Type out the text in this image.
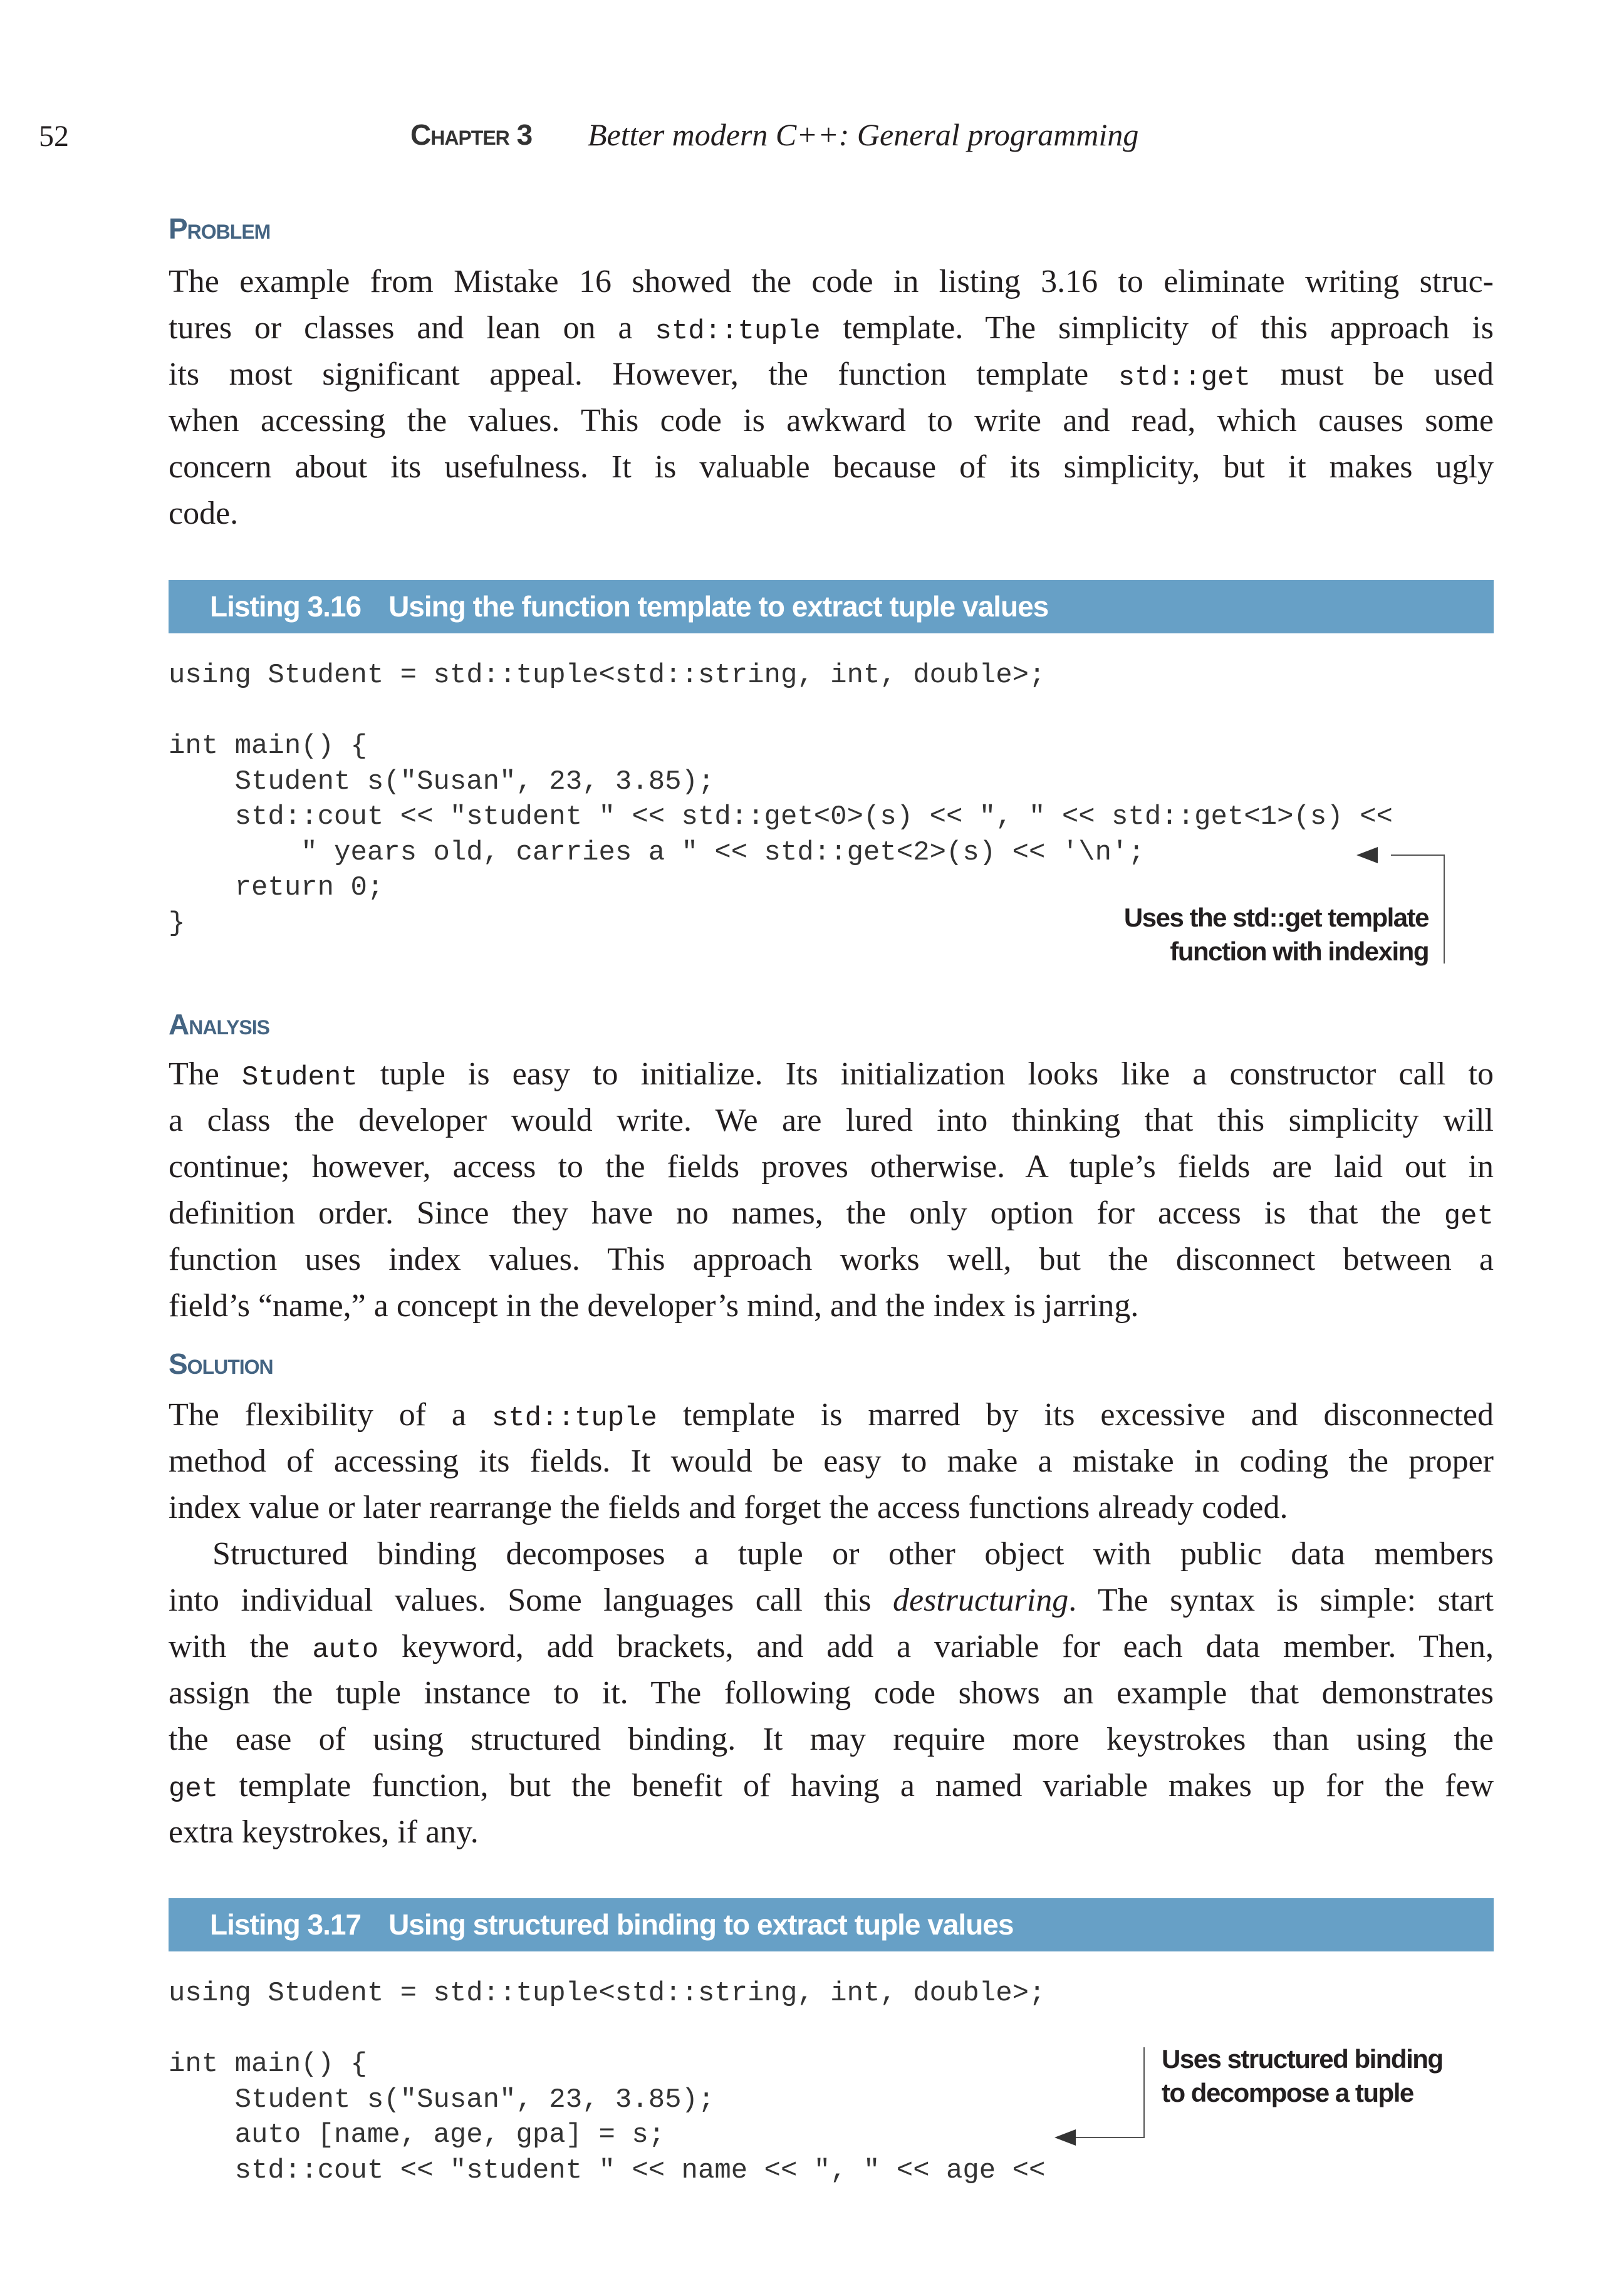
52	Chapter 3 Better modern C++: General programming
Problem
The example from Mistake 16 showed the code in listing 3.16 to eliminate writing struc-
tures or classes and lean on a std::tuple template. The simplicity of this approach is
its most significant appeal. However, the function template std::get must be used
when accessing the values. This code is awkward to write and read, which causes some
concern about its usefulness. It is valuable because of its simplicity, but it makes ugly
code.
Listing 3.16 Using the function template to extract tuple values
using Student = std::tuple<std::string, int, double>;
int main() {
Student s("Susan", 23, 3.85);
std::cout << "student " << std::get<0>(s) << ", " << std::get<1>(s) <<
" years old, carries a " << std::get<2>(s) << '\n';
return 0;
}	Uses the std::get template
function with indexing
Analysis
The Student tuple is easy to initialize. Its initialization looks like a constructor call to
a class the developer would write. We are lured into thinking that this simplicity will
continue; however, access to the fields proves otherwise. A tuple’s fields are laid out in
definition order. Since they have no names, the only option for access is that the get
function uses index values. This approach works well, but the disconnect between a
field’s “name,” a concept in the developer’s mind, and the index is jarring.
Solution
The flexibility of a std::tuple template is marred by its excessive and disconnected
method of accessing its fields. It would be easy to make a mistake in coding the proper
index value or later rearrange the fields and forget the access functions already coded.
Structured binding decomposes a tuple or other object with public data members
into individual values. Some languages call this destructuring. The syntax is simple: start
with the auto keyword, add brackets, and add a variable for each data member. Then,
assign the tuple instance to it. The following code shows an example that demonstrates
the ease of using structured binding. It may require more keystrokes than using the
get template function, but the benefit of having a named variable makes up for the few
extra keystrokes, if any.
Listing 3.17 Using structured binding to extract tuple values
using Student = std::tuple<std::string, int, double>;
int main() {
Student s("Susan", 23, 3.85);
auto [name, age, gpa] = s;
std::cout << "student " << name << ", " << age <<
Uses structured binding
to decompose a tuple
